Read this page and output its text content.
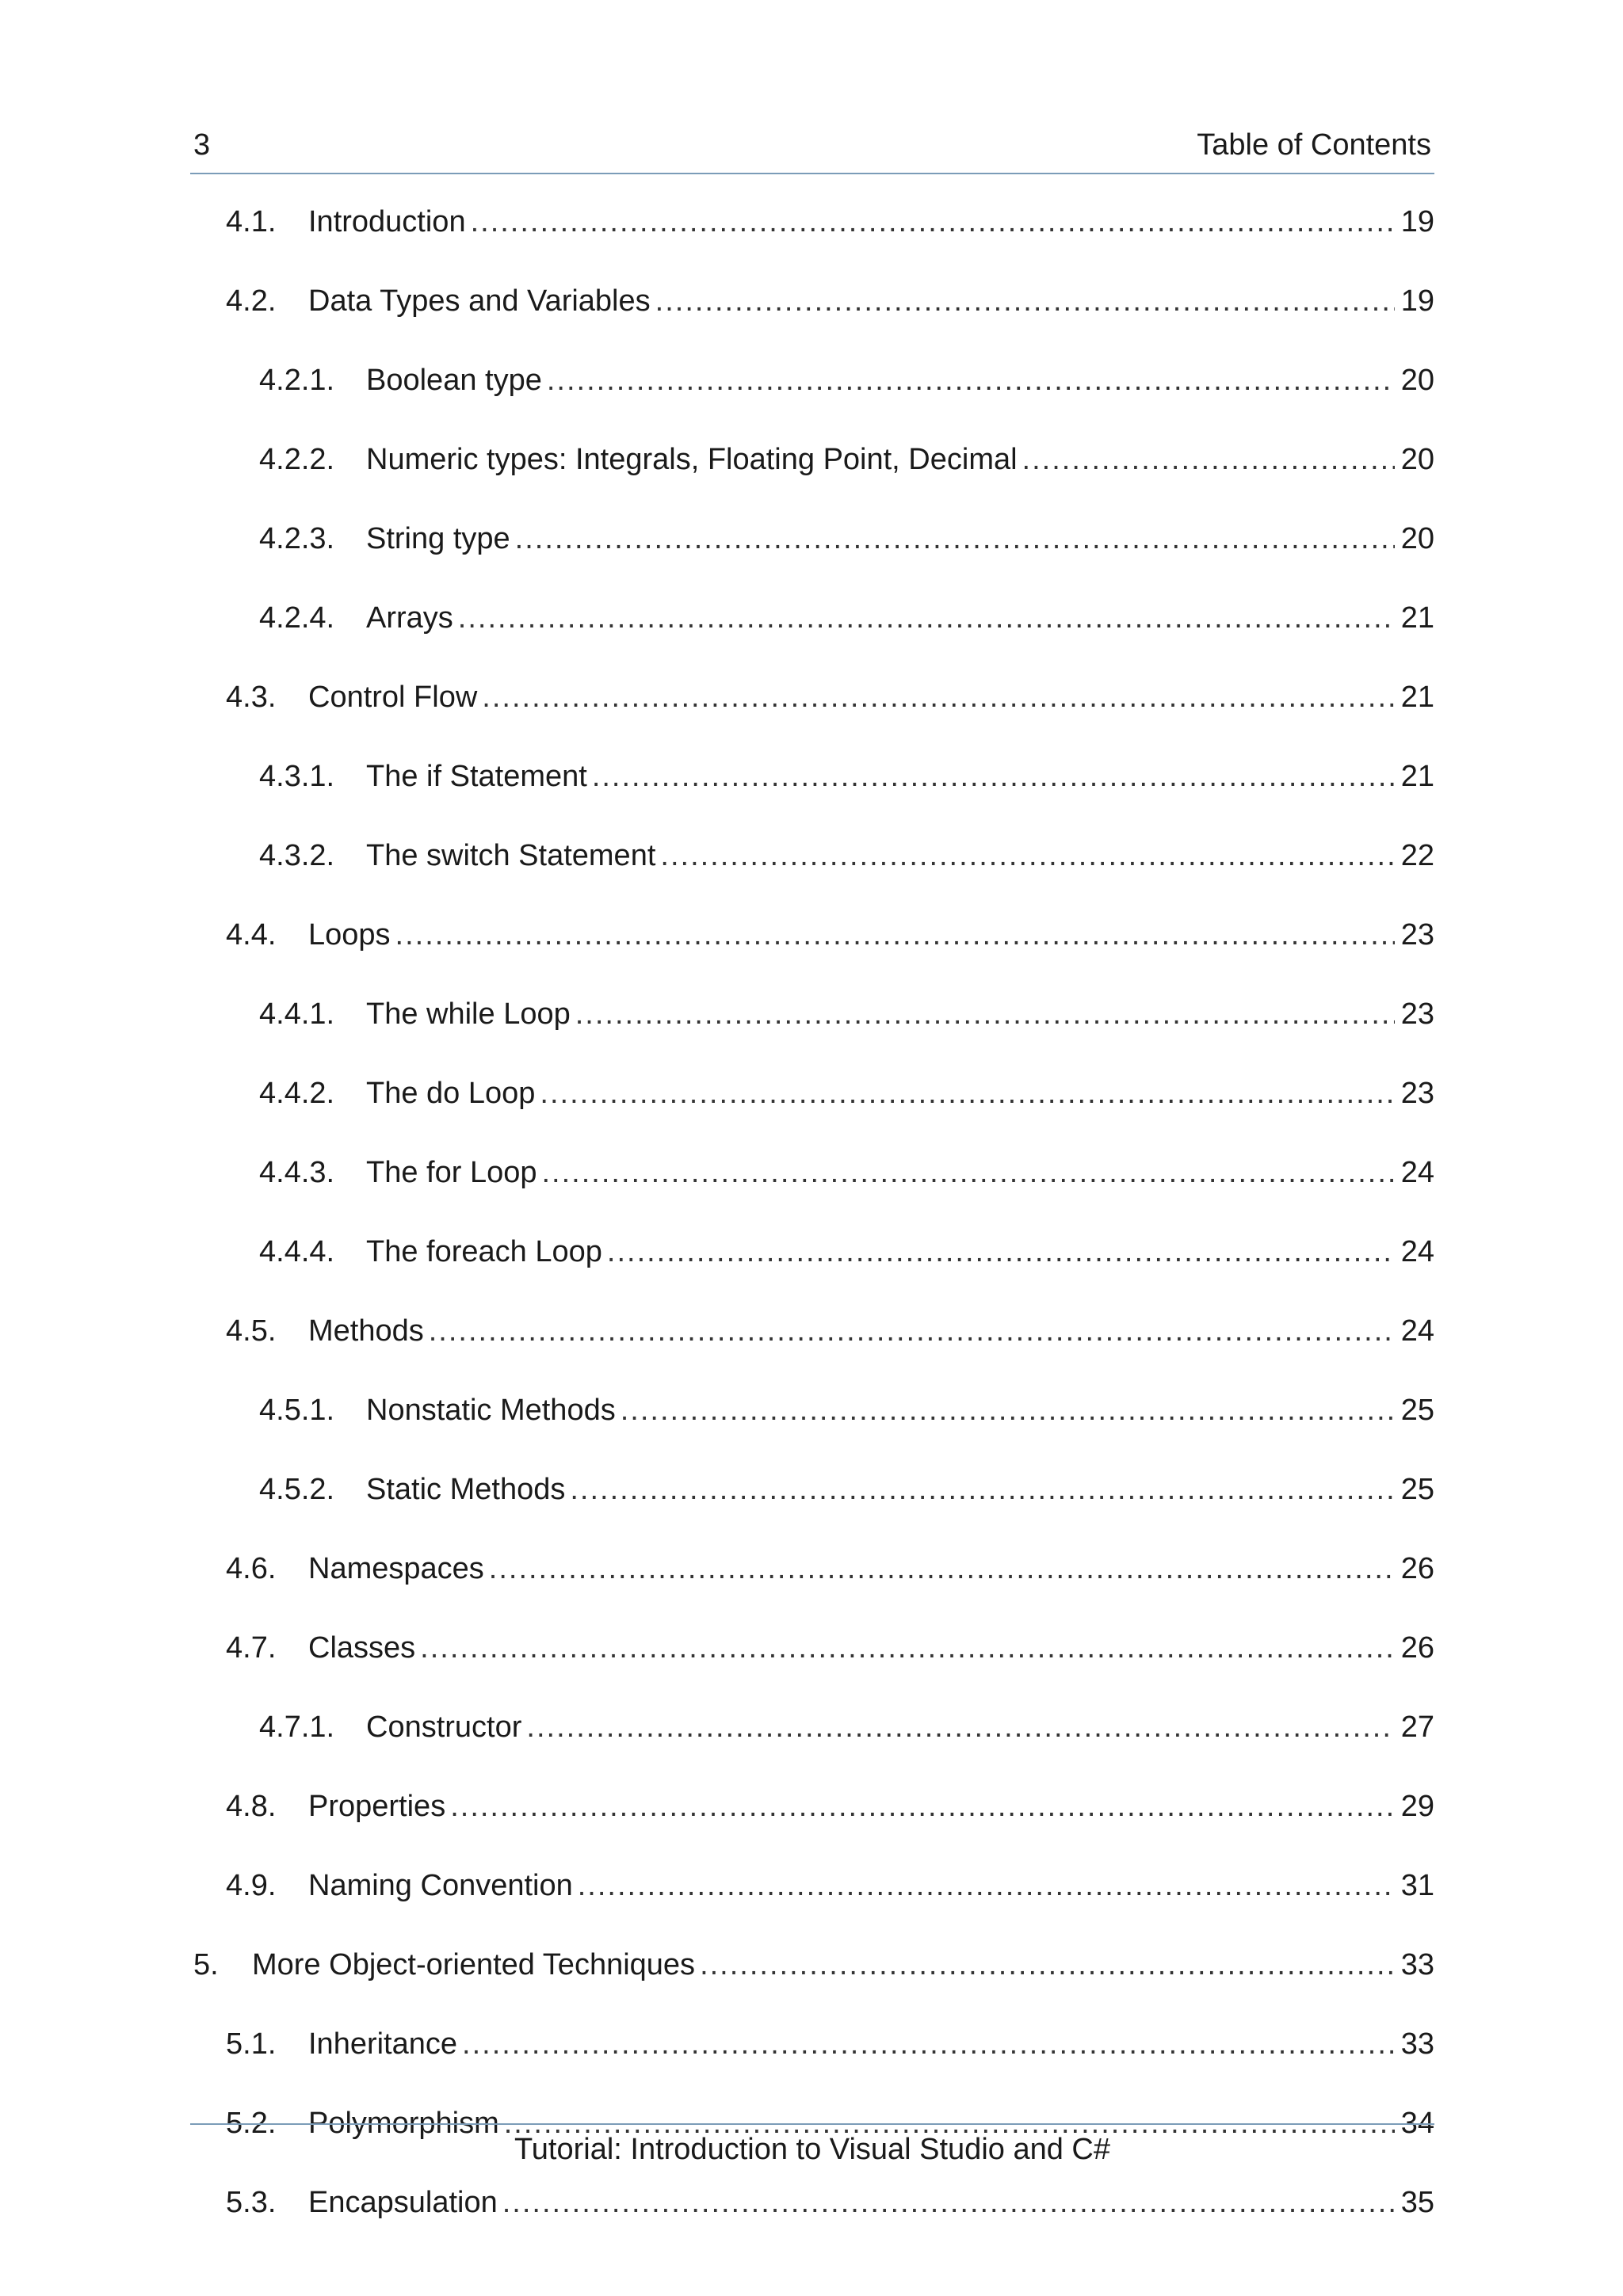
3	Table of Contents
4.1.	Introduction .....	19
4.2.	Data Types and Variables .....	19
4.2.1.	Boolean type .....	20
4.2.2.	Numeric types: Integrals, Floating Point, Decimal .....	20
4.2.3.	String type .....	20
4.2.4.	Arrays .....	21
4.3.	Control Flow .....	21
4.3.1.	The if Statement .....	21
4.3.2.	The switch Statement .....	22
4.4.	Loops .....	23
4.4.1.	The while Loop .....	23
4.4.2.	The do Loop .....	23
4.4.3.	The for Loop .....	24
4.4.4.	The foreach Loop .....	24
4.5.	Methods .....	24
4.5.1.	Nonstatic Methods .....	25
4.5.2.	Static Methods .....	25
4.6.	Namespaces .....	26
4.7.	Classes .....	26
4.7.1.	Constructor .....	27
4.8.	Properties .....	29
4.9.	Naming Convention .....	31
5.	More Object-oriented Techniques .....	33
5.1.	Inheritance .....	33
5.2.	Polymorphism .....	34
5.3.	Encapsulation .....	35
Tutorial: Introduction to Visual Studio and C#
